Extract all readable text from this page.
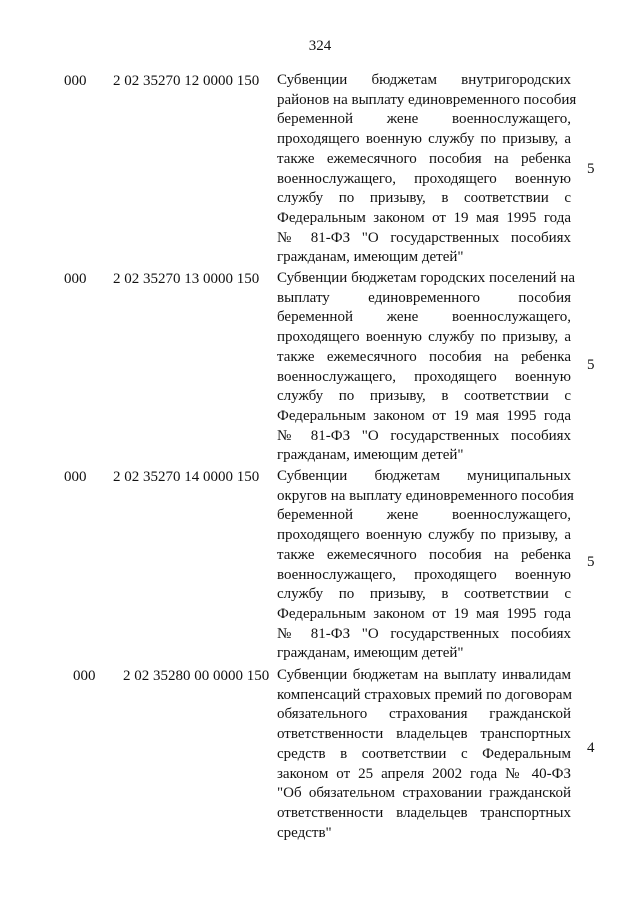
324
000 2 02 35270 12 0000 150 Субвенции бюджетам внутригородских
районов на выплату единовременного пособия
беременной жене военнослужащего,
проходящего военную службу по призыву, а
также ежемесячного пособия на ребенка
военнослужащего, проходящего военную
службу по призыву, в соответствии с
Федеральным законом от 19 мая 1995 года
№ 81-ФЗ "О государственных пособиях
гражданам, имеющим детей"
5
000 2 02 35270 13 0000 150 Субвенции бюджетам городских поселений на
выплату единовременного пособия
беременной жене военнослужащего,
проходящего военную службу по призыву, а
также ежемесячного пособия на ребенка
военнослужащего, проходящего военную
службу по призыву, в соответствии с
Федеральным законом от 19 мая 1995 года
№ 81-ФЗ "О государственных пособиях
гражданам, имеющим детей"
5
000 2 02 35270 14 0000 150 Субвенции бюджетам муниципальных
округов на выплату единовременного пособия
беременной жене военнослужащего,
проходящего военную службу по призыву, а
также ежемесячного пособия на ребенка
военнослужащего, проходящего военную
службу по призыву, в соответствии с
Федеральным законом от 19 мая 1995 года
№ 81-ФЗ "О государственных пособиях
гражданам, имеющим детей"
5
000 2 02 35280 00 0000 150 Субвенции бюджетам на выплату инвалидам
компенсаций страховых премий по договорам
обязательного страхования гражданской
ответственности владельцев транспортных
средств в соответствии с Федеральным
законом от 25 апреля 2002 года № 40-ФЗ
"Об обязательном страховании гражданской
ответственности владельцев транспортных
средств"
4
